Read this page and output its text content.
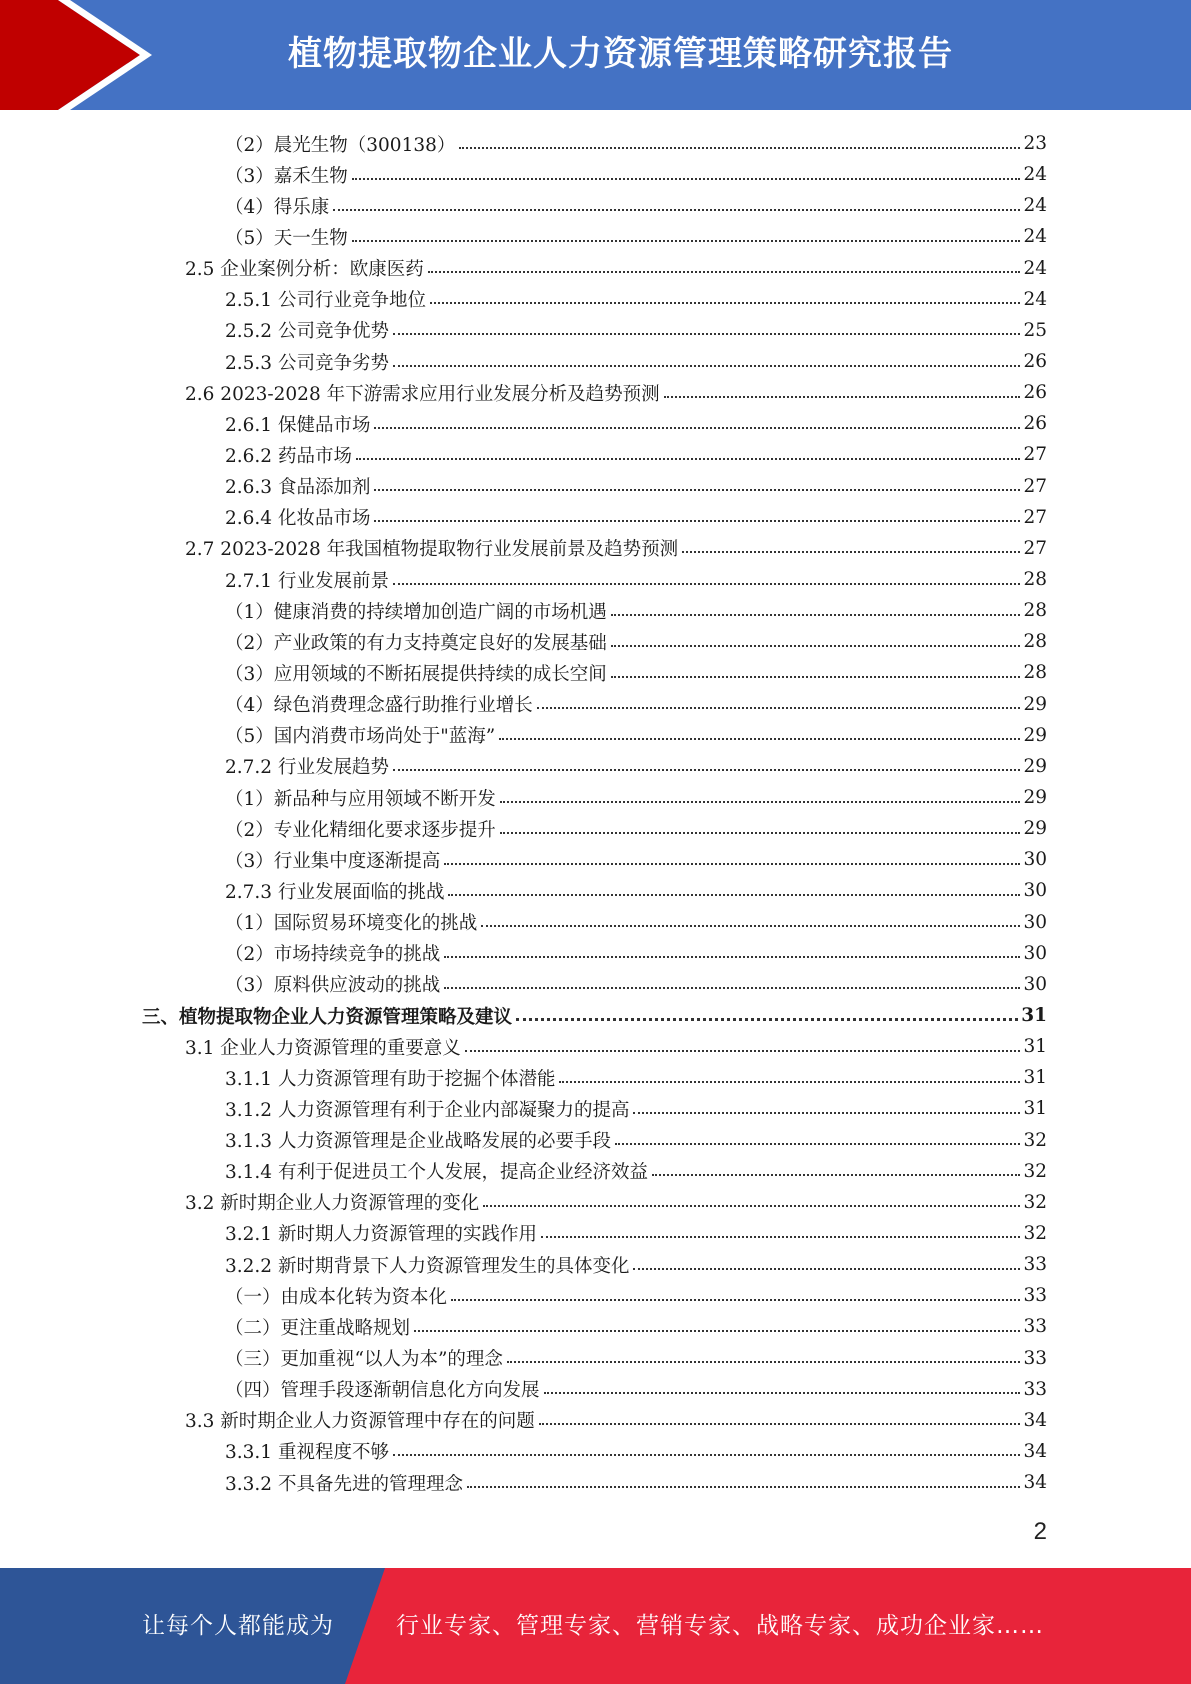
植物提取物企业人力资源管理策略研究报告
（2）晨光生物（300138）	23
（3）嘉禾生物	24
（4）得乐康	24
（5）天一生物	24
2.5 企业案例分析：欧康医药	24
2.5.1 公司行业竞争地位	24
2.5.2 公司竞争优势	25
2.5.3 公司竞争劣势	26
2.6 2023-2028 年下游需求应用行业发展分析及趋势预测	26
2.6.1 保健品市场	26
2.6.2 药品市场	27
2.6.3 食品添加剂	27
2.6.4 化妆品市场	27
2.7 2023-2028 年我国植物提取物行业发展前景及趋势预测	27
2.7.1 行业发展前景	28
（1）健康消费的持续增加创造广阔的市场机遇	28
（2）产业政策的有力支持奠定良好的发展基础	28
（3）应用领域的不断拓展提供持续的成长空间	28
（4）绿色消费理念盛行助推行业增长	29
（5）国内消费市场尚处于"蓝海”	29
2.7.2 行业发展趋势	29
（1）新品种与应用领域不断开发	29
（2）专业化精细化要求逐步提升	29
（3）行业集中度逐渐提高	30
2.7.3 行业发展面临的挑战	30
（1）国际贸易环境变化的挑战	30
（2）市场持续竞争的挑战	30
（3）原料供应波动的挑战	30
三、植物提取物企业人力资源管理策略及建议	31
3.1 企业人力资源管理的重要意义	31
3.1.1 人力资源管理有助于挖掘个体潜能	31
3.1.2 人力资源管理有利于企业内部凝聚力的提高	31
3.1.3 人力资源管理是企业战略发展的必要手段	32
3.1.4 有利于促进员工个人发展，提高企业经济效益	32
3.2 新时期企业人力资源管理的变化	32
3.2.1 新时期人力资源管理的实践作用	32
3.2.2 新时期背景下人力资源管理发生的具体变化	33
（一）由成本化转为资本化	33
（二）更注重战略规划	33
（三）更加重视“以人为本”的理念	33
（四）管理手段逐渐朝信息化方向发展	33
3.3 新时期企业人力资源管理中存在的问题	34
3.3.1 重视程度不够	34
3.3.2 不具备先进的管理理念	34
2
让每个人都能成为	行业专家、管理专家、营销专家、战略专家、成功企业家……
